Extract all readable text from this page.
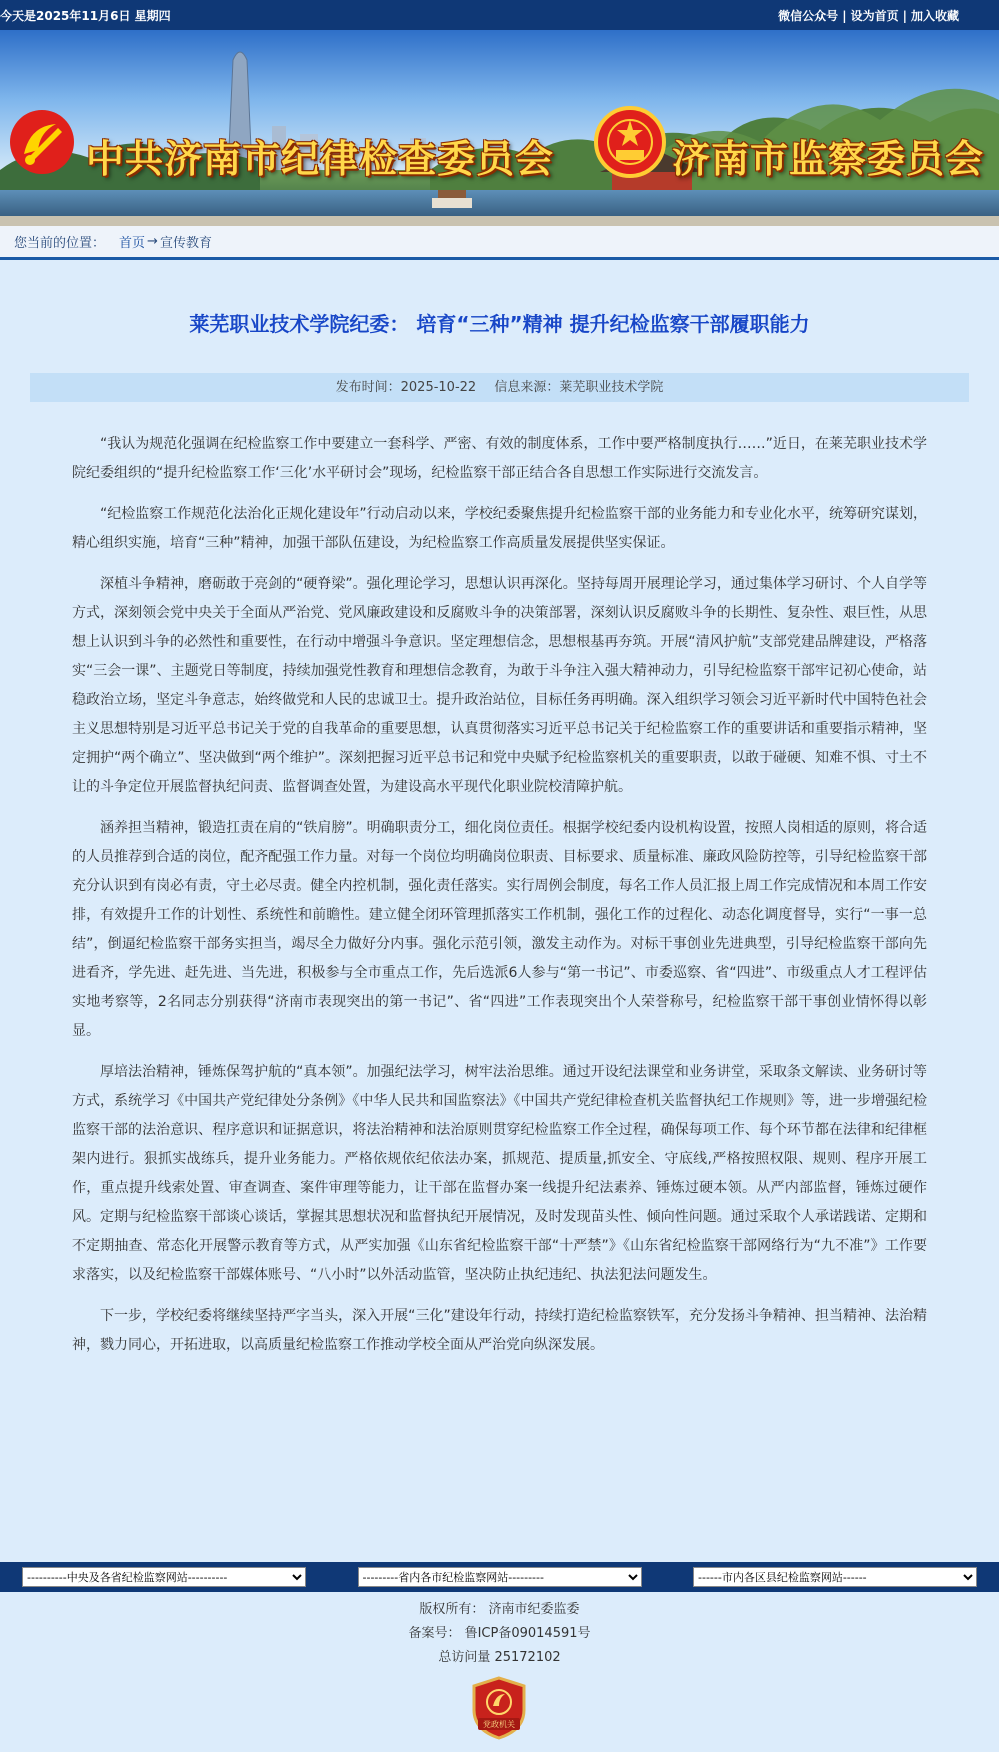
今天是2025年11月6日 星期四	微信公众号 | 设为首页 | 加入收藏
中共济南市纪律检查委员会	济南市监察委员会
您当前的位置： 首页 → 宣传教育
莱芜职业技术学院纪委： 培育“三种”精神 提升纪检监察干部履职能力
发布时间：2025-10-22 信息来源：莱芜职业技术学院

“我认为规范化强调在纪检监察工作中要建立一套科学、严密、有效的制度体系，工作中要严格制度执行……”近日，在莱芜职业技术学院纪委组织的“提升纪检监察工作‘三化’水平研讨会”现场，纪检监察干部正结合各自思想工作实际进行交流发言。

“纪检监察工作规范化法治化正规化建设年”行动启动以来，学校纪委聚焦提升纪检监察干部的业务能力和专业化水平，统筹研究谋划，精心组织实施，培育“三种”精神，加强干部队伍建设，为纪检监察工作高质量发展提供坚实保证。

深植斗争精神，磨砺敢于亮剑的“硬脊梁”。强化理论学习，思想认识再深化。坚持每周开展理论学习，通过集体学习研讨、个人自学等方式，深刻领会党中央关于全面从严治党、党风廉政建设和反腐败斗争的决策部署，深刻认识反腐败斗争的长期性、复杂性、艰巨性，从思想上认识到斗争的必然性和重要性，在行动中增强斗争意识。坚定理想信念，思想根基再夯筑。开展“清风护航”支部党建品牌建设，严格落实“三会一课”、主题党日等制度，持续加强党性教育和理想信念教育，为敢于斗争注入强大精神动力，引导纪检监察干部牢记初心使命，站稳政治立场，坚定斗争意志，始终做党和人民的忠诚卫士。提升政治站位，目标任务再明确。深入组织学习领会习近平新时代中国特色社会主义思想特别是习近平总书记关于党的自我革命的重要思想，认真贯彻落实习近平总书记关于纪检监察工作的重要讲话和重要指示精神，坚定拥护“两个确立”、坚决做到“两个维护”。深刻把握习近平总书记和党中央赋予纪检监察机关的重要职责，以敢于碰硬、知难不惧、寸土不让的斗争定位开展监督执纪问责、监督调查处置，为建设高水平现代化职业院校清障护航。

涵养担当精神，锻造扛责在肩的“铁肩膀”。明确职责分工，细化岗位责任。根据学校纪委内设机构设置，按照人岗相适的原则，将合适的人员推荐到合适的岗位，配齐配强工作力量。对每一个岗位均明确岗位职责、目标要求、质量标准、廉政风险防控等，引导纪检监察干部充分认识到有岗必有责，守土必尽责。健全内控机制，强化责任落实。实行周例会制度，每名工作人员汇报上周工作完成情况和本周工作安排，有效提升工作的计划性、系统性和前瞻性。建立健全闭环管理抓落实工作机制，强化工作的过程化、动态化调度督导，实行“一事一总结”，倒逼纪检监察干部务实担当，竭尽全力做好分内事。强化示范引领，激发主动作为。对标干事创业先进典型，引导纪检监察干部向先进看齐，学先进、赶先进、当先进，积极参与全市重点工作，先后选派6人参与“第一书记”、市委巡察、省“四进”、市级重点人才工程评估实地考察等，2名同志分别获得“济南市表现突出的第一书记”、省“四进”工作表现突出个人荣誉称号，纪检监察干部干事创业情怀得以彰显。

厚培法治精神，锤炼保驾护航的“真本领”。加强纪法学习，树牢法治思维。通过开设纪法课堂和业务讲堂，采取条文解读、业务研讨等方式，系统学习《中国共产党纪律处分条例》《中华人民共和国监察法》《中国共产党纪律检查机关监督执纪工作规则》等，进一步增强纪检监察干部的法治意识、程序意识和证据意识，将法治精神和法治原则贯穿纪检监察工作全过程，确保每项工作、每个环节都在法律和纪律框架内进行。狠抓实战练兵，提升业务能力。严格依规依纪依法办案，抓规范、提质量,抓安全、守底线,严格按照权限、规则、程序开展工作，重点提升线索处置、审查调查、案件审理等能力，让干部在监督办案一线提升纪法素养、锤炼过硬本领。从严内部监督，锤炼过硬作风。定期与纪检监察干部谈心谈话，掌握其思想状况和监督执纪开展情况，及时发现苗头性、倾向性问题。通过采取个人承诺践诺、定期和不定期抽查、常态化开展警示教育等方式，从严实加强《山东省纪检监察干部“十严禁”》《山东省纪检监察干部网络行为“九不准”》工作要求落实，以及纪检监察干部媒体账号、“八小时”以外活动监管，坚决防止执纪违纪、执法犯法问题发生。

下一步，学校纪委将继续坚持严字当头，深入开展“三化”建设年行动，持续打造纪检监察铁军，充分发扬斗争精神、担当精神、法治精神，戮力同心，开拓进取，以高质量纪检监察工作推动学校全面从严治党向纵深发展。

----------中央及各省纪检监察网站----------
---------省内各市纪检监察网站---------
------市内各区县纪检监察网站------
版权所有： 济南市纪委监委
备案号： 鲁ICP备09014591号
总访问量 25172102
党政机关
